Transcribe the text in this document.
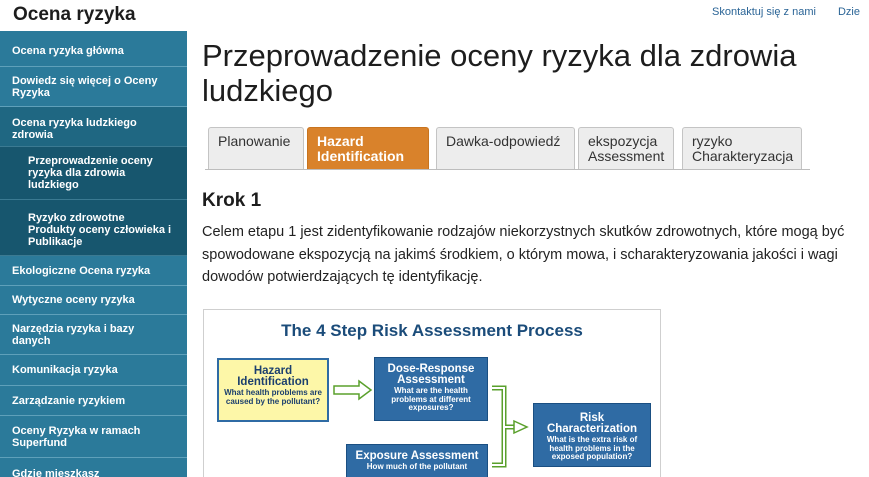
Ocena ryzyka	Skontaktuj się z nami Dzie
Ocena ryzyka główna
Dowiedz się więcej o Oceny Ryzyka
Ocena ryzyka ludzkiego zdrowia
Przeprowadzenie oceny ryzyka dla zdrowia ludzkiego
Ryzyko zdrowotne Produkty oceny człowieka i Publikacje
Ekologiczne Ocena ryzyka
Wytyczne oceny ryzyka
Narzędzia ryzyka i bazy danych
Komunikacja ryzyka
Zarządzanie ryzykiem
Oceny Ryzyka w ramach Superfund
Gdzie mieszkasz
Przeprowadzenie oceny ryzyka dla zdrowia ludzkiego
Planowanie	Hazard Identification
Dawka-odpowiedź	ekspozycja Assessment
ryzyko Charakteryzacja
Krok 1

Celem etapu 1 jest zidentyfikowanie rodzajów niekorzystnych skutków zdrowotnych, które mogą być spowodowane ekspozycją na jakimś środkiem, o którym mowa, i scharakteryzowania jakości i wagi dowodów potwierdzających tę identyfikację.

The 4 Step Risk Assessment Process
Hazard Identification
What health problems are caused by the pollutant?
Dose-Response Assessment
What are the health problems at different exposures?
Risk Characterization
What is the extra risk of health problems in the exposed population?
Exposure Assessment
How much of the pollutant
